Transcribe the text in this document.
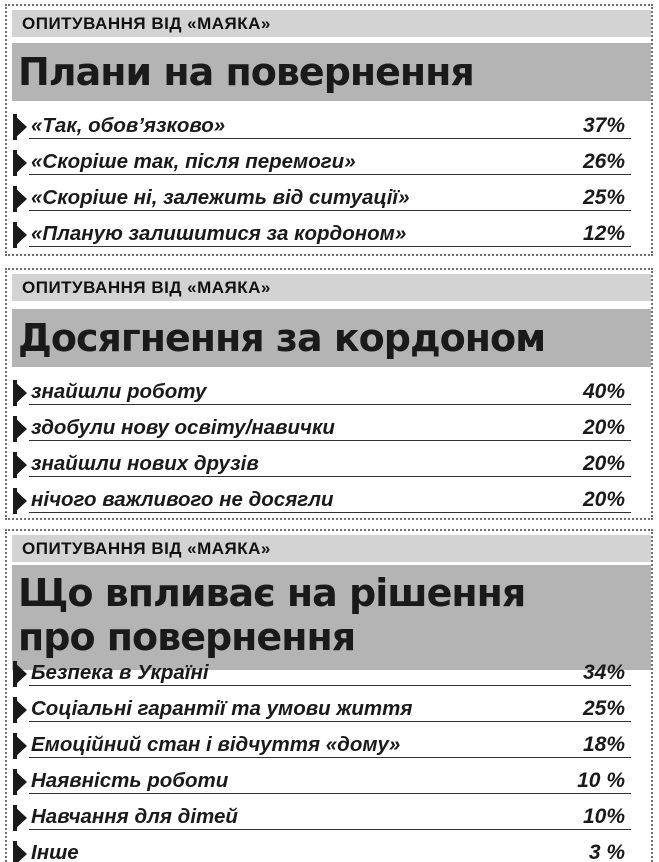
ОПИТУВАННЯ ВІД «МАЯКА»
Плани на повернення
«Так, обов’язково»	37%
«Скоріше так, після перемоги»	26%
«Скоріше ні, залежить від ситуації»	25%
«Планую залишитися за кордоном»	12%
ОПИТУВАННЯ ВІД «МАЯКА»
Досягнення за кордоном
знайшли роботу	40%
здобули нову освіту/навички	20%
знайшли нових друзів	20%
нічого важливого не досягли	20%
ОПИТУВАННЯ ВІД «МАЯКА»
Що впливає на рішення
про повернення
Безпека в Україні	34%
Соціальні гарантії та умови життя	25%
Емоційний стан і відчуття «дому»	18%
Наявність роботи	10 %
Навчання для дітей	10%
Інше	3 %
